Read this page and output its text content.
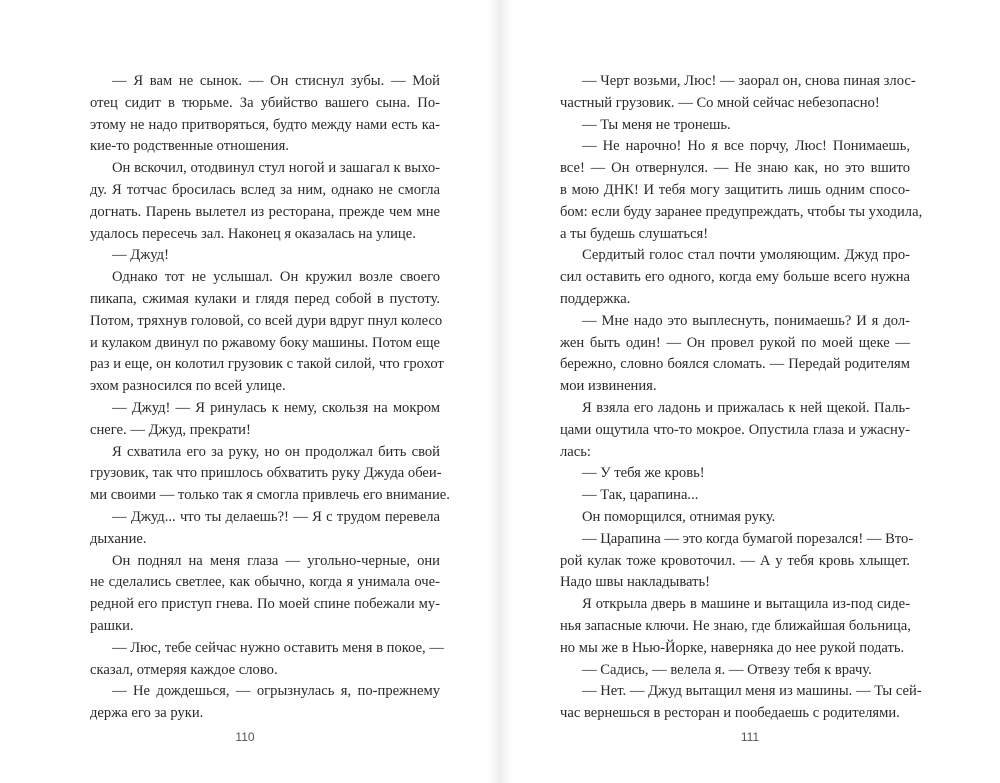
— Я вам не сынок. — Он стиснул зубы. — Мой
отец сидит в тюрьме. За убийство вашего сына. По-
этому не надо притворяться, будто между нами есть ка-
кие-то родственные отношения.
Он вскочил, отодвинул стул ногой и зашагал к выхо-
ду. Я тотчас бросилась вслед за ним, однако не смогла
догнать. Парень вылетел из ресторана, прежде чем мне
удалось пересечь зал. Наконец я оказалась на улице.
— Джуд!
Однако тот не услышал. Он кружил возле своего
пикапа, сжимая кулаки и глядя перед собой в пустоту.
Потом, тряхнув головой, со всей дури вдруг пнул колесо
и кулаком двинул по ржавому боку машины. Потом еще
раз и еще, он колотил грузовик с такой силой, что грохот
эхом разносился по всей улице.
— Джуд! — Я ринулась к нему, скользя на мокром
снеге. — Джуд, прекрати!
Я схватила его за руку, но он продолжал бить свой
грузовик, так что пришлось обхватить руку Джуда обеи-
ми своими — только так я смогла привлечь его внимание.
— Джуд... что ты делаешь?! — Я с трудом перевела
дыхание.
Он поднял на меня глаза — угольно-черные, они
не сделались светлее, как обычно, когда я унимала оче-
редной его приступ гнева. По моей спине побежали му-
рашки.
— Люс, тебе сейчас нужно оставить меня в покое, —
сказал, отмеряя каждое слово.
— Не дождешься, — огрызнулась я, по-прежнему
держа его за руки.
— Черт возьми, Люс! — заорал он, снова пиная злос-
частный грузовик. — Со мной сейчас небезопасно!
— Ты меня не тронешь.
— Не нарочно! Но я все порчу, Люс! Понимаешь,
все! — Он отвернулся. — Не знаю как, но это вшито
в мою ДНК! И тебя могу защитить лишь одним спосо-
бом: если буду заранее предупреждать, чтобы ты уходила,
а ты будешь слушаться!
Сердитый голос стал почти умоляющим. Джуд про-
сил оставить его одного, когда ему больше всего нужна
поддержка.
— Мне надо это выплеснуть, понимаешь? И я дол-
жен быть один! — Он провел рукой по моей щеке —
бережно, словно боялся сломать. — Передай родителям
мои извинения.
Я взяла его ладонь и прижалась к ней щекой. Паль-
цами ощутила что-то мокрое. Опустила глаза и ужасну-
лась:
— У тебя же кровь!
— Так, царапина...
Он поморщился, отнимая руку.
— Царапина — это когда бумагой порезался! — Вто-
рой кулак тоже кровоточил. — А у тебя кровь хлыщет.
Надо швы накладывать!
Я открыла дверь в машине и вытащила из-под сиде-
нья запасные ключи. Не знаю, где ближайшая больница,
но мы же в Нью-Йорке, наверняка до нее рукой подать.
— Садись, — велела я. — Отвезу тебя к врачу.
— Нет. — Джуд вытащил меня из машины. — Ты сей-
час вернешься в ресторан и пообедаешь с родителями.
110	111
